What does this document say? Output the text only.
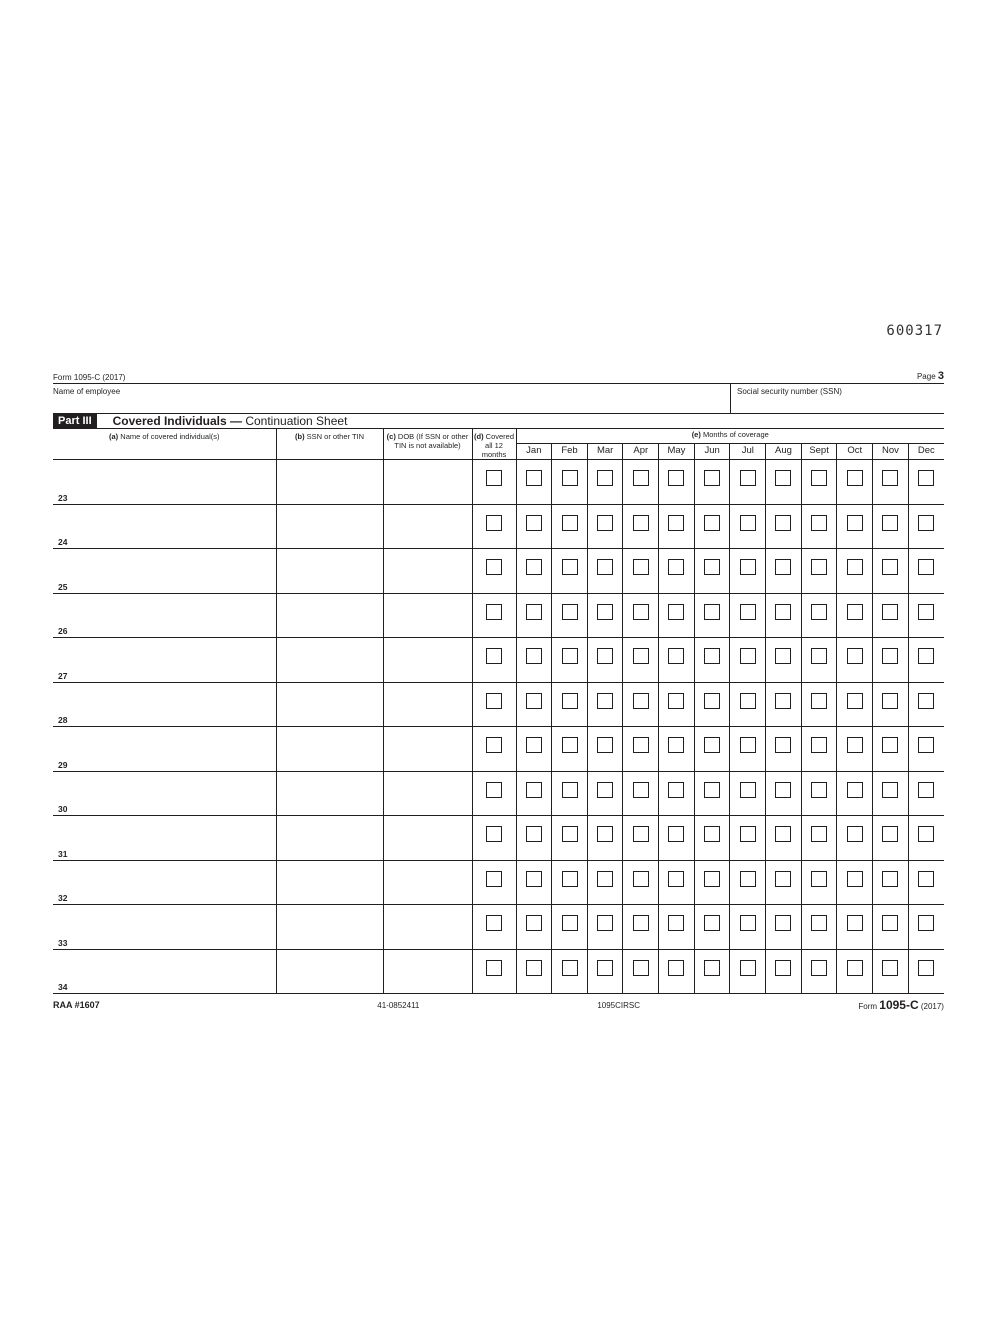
600317
Form 1095-C (2017)	Page 3
Name of employee	Social security number (SSN)
Part III	Covered Individuals — Continuation Sheet
(a) Name of covered individual(s)	(b) SSN or other TIN	(c) DOB (If SSN or other TIN is not available)	(d) Covered all 12 months	(e) Months of coverage											
				Jan	Feb	Mar	Apr	May	Jun	Jul	Aug	Sept	Oct	Nov	Dec

23															

24															

25															

26															

27															

28															

29															

30															

31															

32															

33															

34															

RAA #1607	41-0852411	1095CIRSC	Form 1095-C (2017)
